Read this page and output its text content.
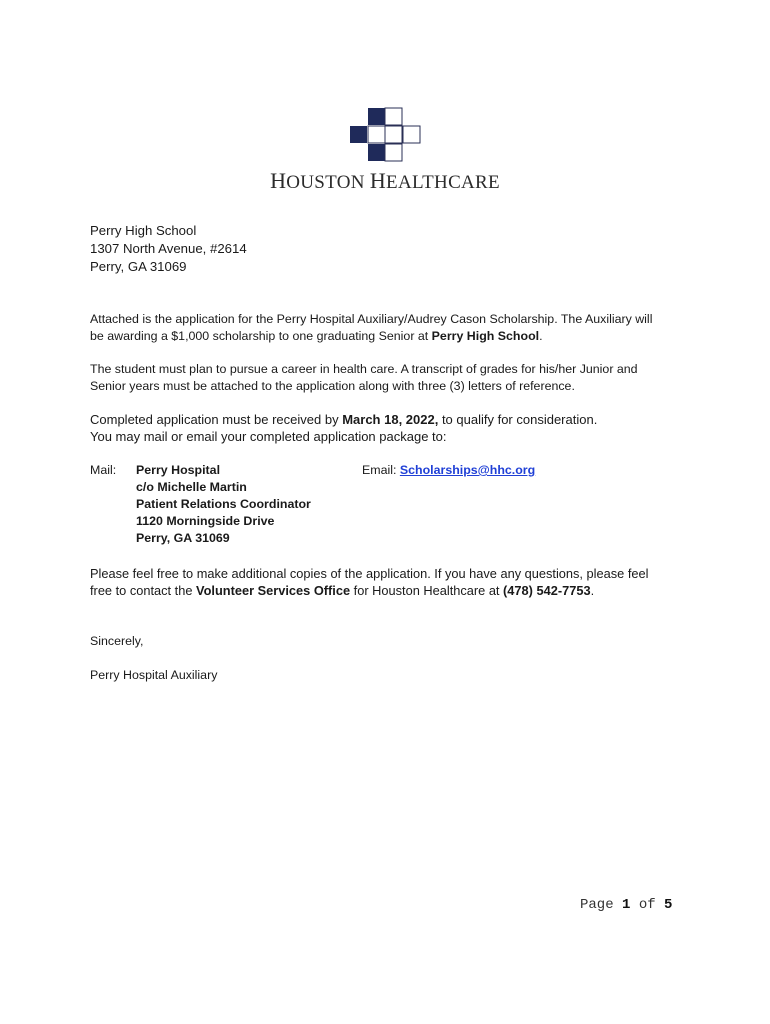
HOUSTON HEALTHCARE
Perry High School
1307 North Avenue, #2614
Perry, GA 31069
Attached is the application for the Perry Hospital Auxiliary/Audrey Cason Scholarship. The Auxiliary will
be awarding a $1,000 scholarship to one graduating Senior at Perry High School.
The student must plan to pursue a career in health care. A transcript of grades for his/her Junior and
Senior years must be attached to the application along with three (3) letters of reference.
Completed application must be received by March 18, 2022, to qualify for consideration.
You may mail or email your completed application package to:
Mail: Perry Hospital
c/o Michelle Martin
Patient Relations Coordinator
1120 Morningside Drive
Perry, GA 31069
Email: Scholarships@hhc.org
Please feel free to make additional copies of the application. If you have any questions, please feel
free to contact the Volunteer Services Office for Houston Healthcare at (478) 542-7753.
Sincerely,
Perry Hospital Auxiliary
Page 1 of 5
